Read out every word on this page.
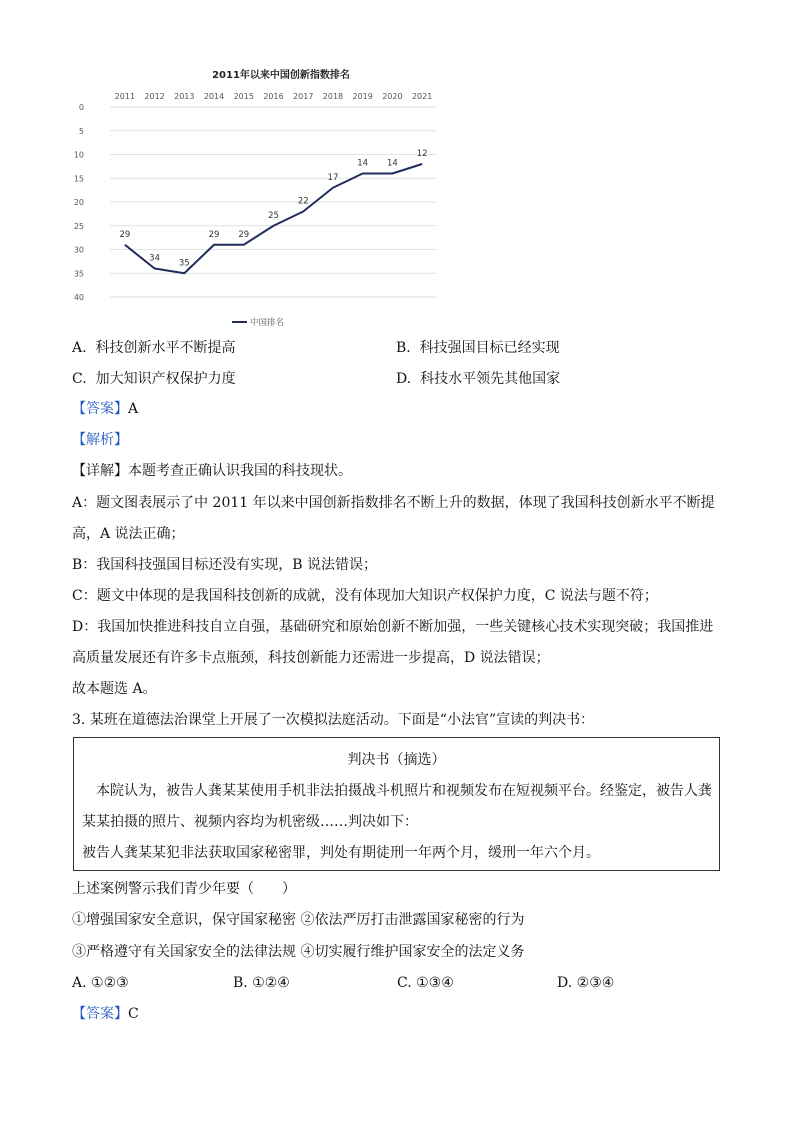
2011年以来中国创新指数排名
2011 2012 2013 2014 2015 2016 2017 2018 2019 2020 2021
0
5
10
15
20
25
30
35
40
29
34 35
29 29
25
22
17
14 14
12
中国排名
A. 科技创新水平不断提高	B. 科技强国目标已经实现
C. 加大知识产权保护力度	D. 科技水平领先其他国家
【答案】A
【解析】
【详解】本题考查正确认识我国的科技现状。
A：题文图表展示了中 2011 年以来中国创新指数排名不断上升的数据，体现了我国科技创新水平不断提
高，A 说法正确；
B：我国科技强国目标还没有实现，B 说法错误；
C：题文中体现的是我国科技创新的成就，没有体现加大知识产权保护力度，C 说法与题不符；
D：我国加快推进科技自立自强，基础研究和原始创新不断加强，一些关键核心技术实现突破；我国推进
高质量发展还有许多卡点瓶颈，科技创新能力还需进一步提高，D 说法错误；
故本题选 A。
3. 某班在道德法治课堂上开展了一次模拟法庭活动。下面是“小法官”宣读的判决书：
判决书（摘选）
本院认为，被告人龚某某使用手机非法拍摄战斗机照片和视频发布在短视频平台。经鉴定，被告人龚
某某拍摄的照片、视频内容均为机密级……判决如下：
被告人龚某某犯非法获取国家秘密罪，判处有期徒刑一年两个月，缓刑一年六个月。
上述案例警示我们青少年要（　　）
①增强国家安全意识，保守国家秘密 ②依法严厉打击泄露国家秘密的行为
③严格遵守有关国家安全的法律法规 ④切实履行维护国家安全的法定义务
A. ①②③	B. ①②④	C. ①③④	D. ②③④
【答案】C
